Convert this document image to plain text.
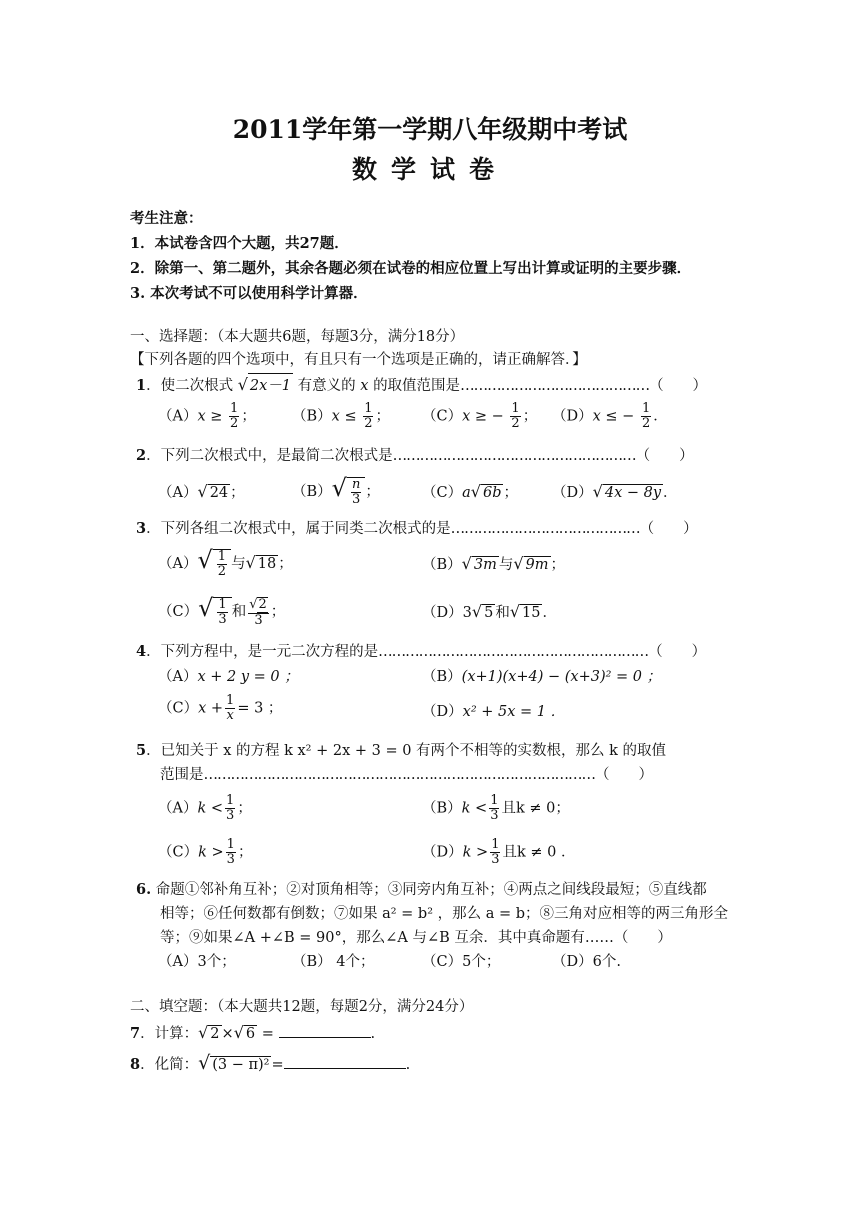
2011学年第一学期八年级期中考试
数学试卷
考生注意：
1．本试卷含四个大题，共27题．
2．除第一、第二题外，其余各题必须在试卷的相应位置上写出计算或证明的主要步骤．
3. 本次考试不可以使用科学计算器．
一、选择题：（本大题共6题，每题3分，满分18分）
【下列各题的四个选项中，有且只有一个选项是正确的，请正确解答．】
1．使二次根式 √ 2x－1 有意义的 x 的取值范围是……………………………………（　　）
$(A)x \ge \frac{1}{2}$ ； $(B)x \le \frac{1}{2}$ ； （C）x ≥ − $\frac{1}{2}$ ； （D）x ≤ − $\frac{1}{2}$ ．
2．下列二次根式中，是最简二次根式是………………………………………………（　　）
（A）√ 24 ；	$(B)√ \frac{n}{3}$ ；	（C）a√ 6b ； （D）√ 4x − 8y ．
3．下列各组二次根式中，属于同类二次根式的是……………………………………（　　）
$(A)√ \frac{1}{2}$ 与√ 18 ；	（B）√ 3m 与√ 9m ；
$(C)√ \frac{1}{3}$ 和 $\frac{√2}{3}$ ；	（D）3√ 5 和√ 15 ．
4．下列方程中，是一元二次方程的是……………………………………………………（　　）
（A）x + 2 y = 0 ；	（B）(x+1)(x+4) − (x+3)² = 0 ；
$(C)x + \frac{1}{x} = 3$ ；	（D）x² + 5x = 1 ．
5．已知关于 x 的方程 k x² + 2x + 3 = 0 有两个不相等的实数根，那么 k 的取值
范围是……………………………………………………………………………（　　）
$(A)k < \frac{1}{3}$ ；	$(B)k < \frac{1}{3}$ 且k ≠ 0；
$(C)k > \frac{1}{3}$ ；	$(D)k > \frac{1}{3}$ 且k ≠ 0 ．
6. 命题①邻补角互补；②对顶角相等；③同旁内角互补；④两点之间线段最短；⑤直线都
相等；⑥任何数都有倒数；⑦如果 a² = b² ，那么 a = b；⑧三角对应相等的两三角形全
等；⑨如果∠A +∠B = 90°，那么∠A 与∠B 互余．其中真命题有……（　　）
（A）3个；	（B） 4个；	（C）5个；	（D）6个.
二、填空题：（本大题共12题，每题2分，满分24分）
7．计算：√ 2 ×√ 6 =	.
8．化简：√ (3 − π)² =	.
